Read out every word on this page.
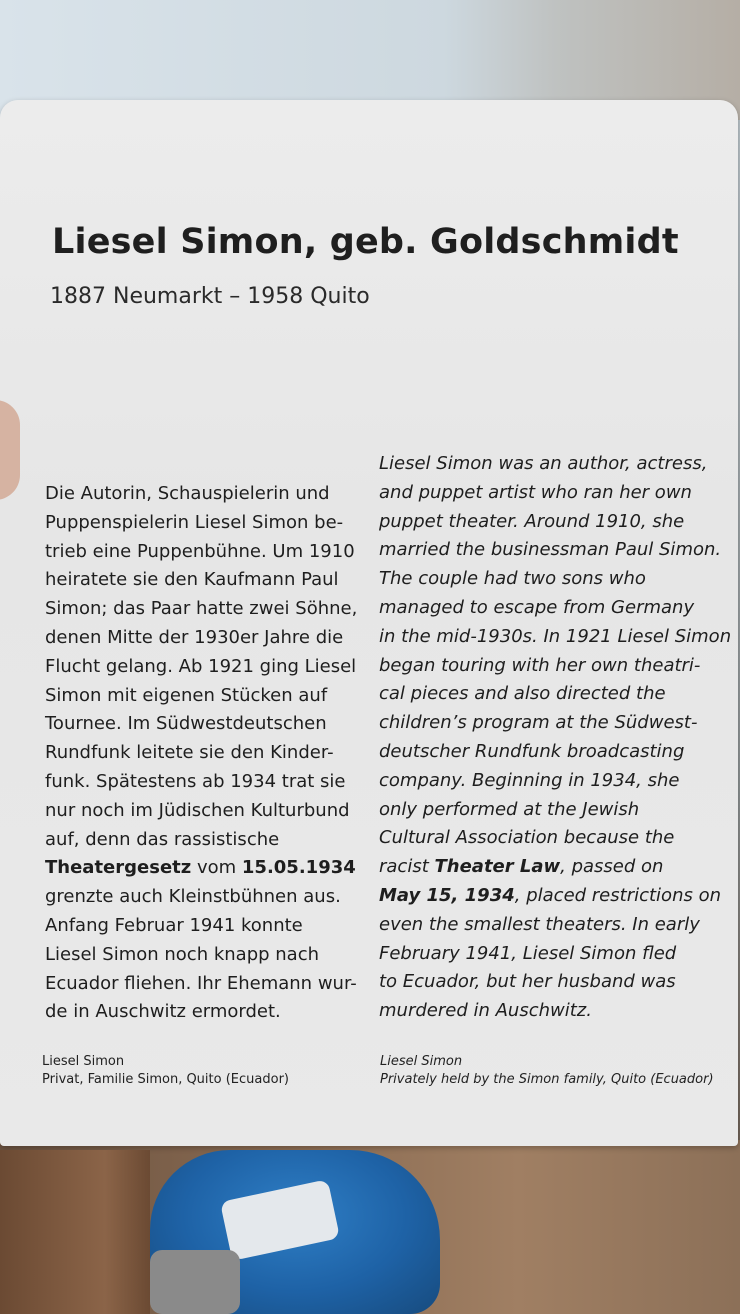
Liesel Simon, geb. Goldschmidt

1887 Neumarkt – 1958 Quito

Die Autorin, Schauspielerin und
Puppenspielerin Liesel Simon be-
trieb eine Puppenbühne. Um 1910
heiratete sie den Kaufmann Paul
Simon; das Paar hatte zwei Söhne,
denen Mitte der 1930er Jahre die
Flucht gelang. Ab 1921 ging Liesel
Simon mit eigenen Stücken auf
Tournee. Im Südwestdeutschen
Rundfunk leitete sie den Kinder-
funk. Spätestens ab 1934 trat sie
nur noch im Jüdischen Kulturbund
auf, denn das rassistische
Theatergesetz vom 15.05.1934
grenzte auch Kleinstbühnen aus.
Anfang Februar 1941 konnte
Liesel Simon noch knapp nach
Ecuador fliehen. Ihr Ehemann wur-
de in Auschwitz ermordet.
Liesel Simon was an author, actress,
and puppet artist who ran her own
puppet theater. Around 1910, she
married the businessman Paul Simon.
The couple had two sons who
managed to escape from Germany
in the mid-1930s. In 1921 Liesel Simon
began touring with her own theatri-
cal pieces and also directed the
children’s program at the Südwest-
deutscher Rundfunk broadcasting
company. Beginning in 1934, she
only performed at the Jewish
Cultural Association because the
racist Theater Law, passed on
May 15, 1934, placed restrictions on
even the smallest theaters. In early
February 1941, Liesel Simon fled
to Ecuador, but her husband was
murdered in Auschwitz.
Liesel Simon
Privat, Familie Simon, Quito (Ecuador)
Liesel Simon
Privately held by the Simon family, Quito (Ecuador)
